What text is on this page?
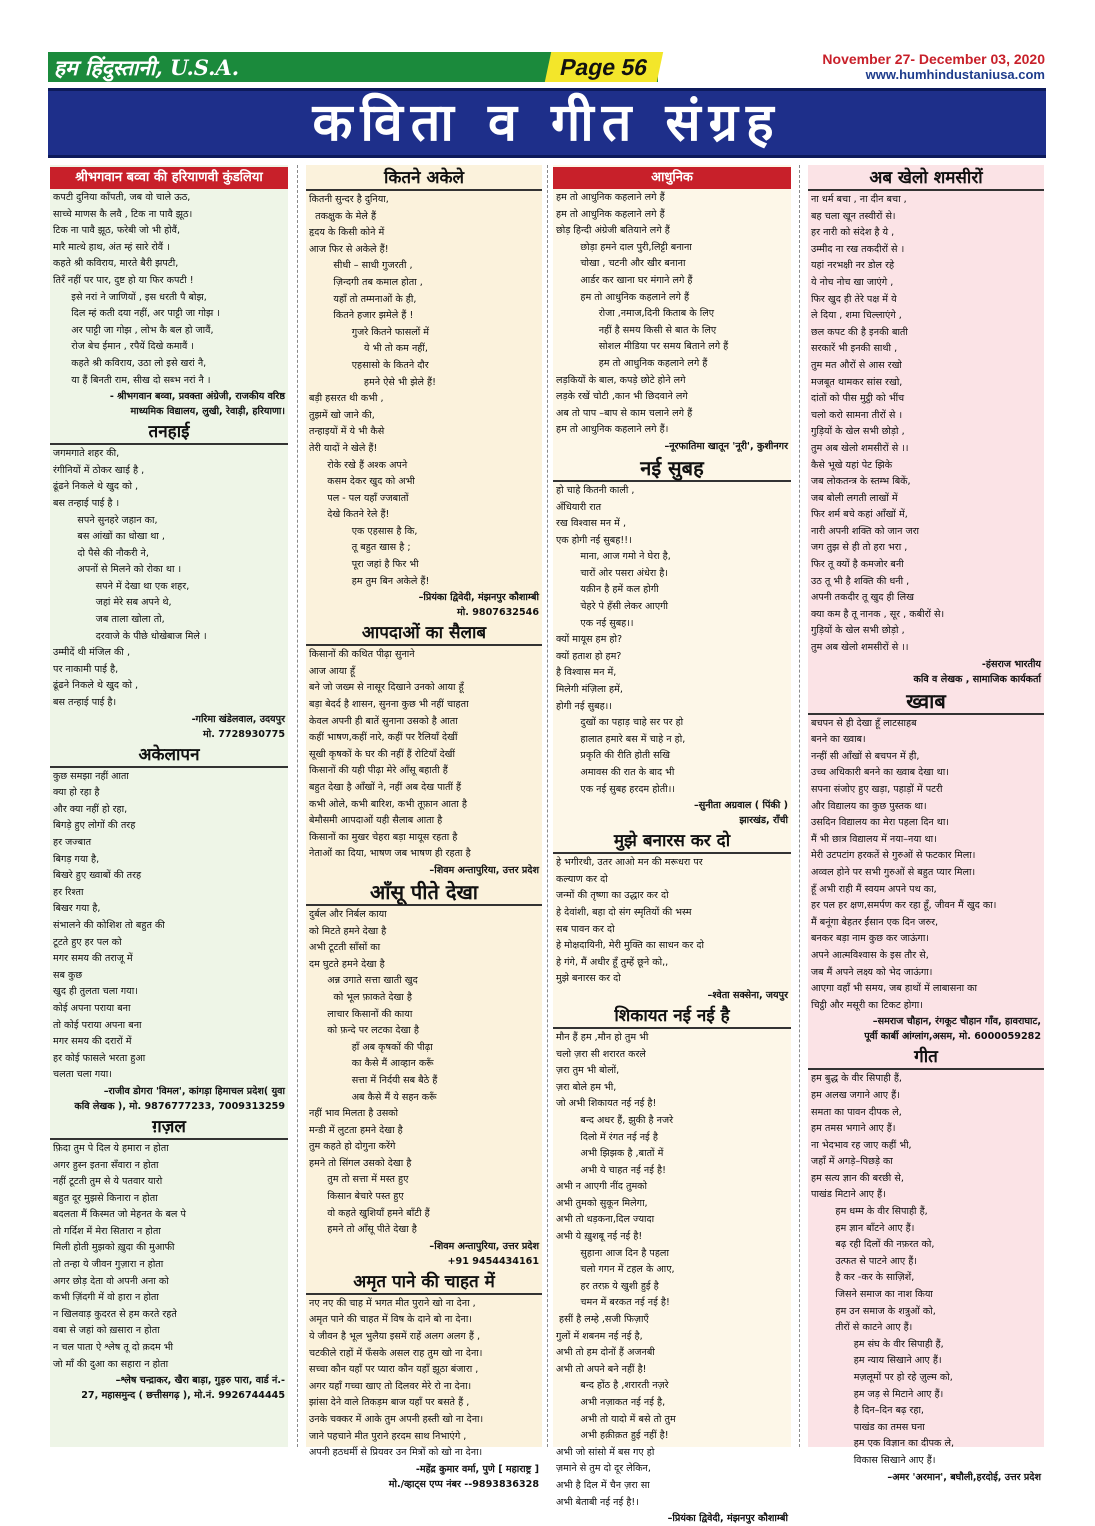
हम हिंदुस्तानी, U.S.A.	Page 56	November 27- December 03, 2020
www.humhindustaniusa.com
कविता व गीत संग्रह
श्रीभगवान बव्वा की हरियाणवी कुंडलिया
कपटी दुनिया काँपती, जब वो चाले ऊठ,
साच्चे माणस कै लवै , टिक ना पावै झूठ।
टिक ना पावै झूठ, फरेबी जो भी होवैं,
मारै मात्थे हाथ, अंत म्हं सारे रोवैं ।
कहते श्री कविराय, मारते बैरी झपटी,
तिरँ नहीं पर पार, दुष्ट हो या फिर कपटी !
इसे नरां ने जाणियों , इस धरती पै बोझ,
दिल म्हं कती दया नहीं, अर पाट्टी जा गोझ ।
अर पाट्टी जा गोझ , लोभ कै बल हो जावैं,
रोज बेच ईमान , रपैयें दिखे कमावैं ।
कहते श्री कविराय, उठा लो इसे खरां नै,
या हैं बिनती राम, सीख दो सब्भ नरां नै ।
- श्रीभगवान बव्वा, प्रवक्ता अंग्रेजी, राजकीय वरिष्ठ
माध्यमिक विद्यालय, लुखी, रेवाड़ी, हरियाणा।
तनहाई
जगमगाते शहर की,
रंगीनियों में ठोकर खाई है ,
ढूंढने निकले थे खुद को ,
बस तन्हाई पाई है ।
सपने सुनहरे जहान का,
बस आंखों का धोखा था ,
दो पैसे की नौकरी ने,
अपनों से मिलने को रोका था ।
सपने में देखा था एक शहर,
जहां मेरे सब अपने थे,
जब ताला खोला तो,
दरवाजे के पीछे धोखेबाज मिले ।
उम्मीदें थी मंजिल की ,
पर नाकामी पाई है,
ढूंढने निकले थे खुद को ,
बस तन्हाई पाई है।
-गरिमा खंडेलवाल, उदयपुर
मो. 7728930775
अकेलापन
कुछ समझा नहीं आता
क्या हो रहा है
और क्या नहीं हो रहा,
बिगड़े हुए लोगों की तरह
हर जज्बात
बिगड़ गया है,
बिखरे हुए ख्वाबों की तरह
हर रिश्ता
बिखर गया है,
संभालने की कोशिश तो बहुत की
टूटते हुए हर पल को
मगर समय की तराजू में
सब कुछ
खुद ही तुलता चला गया।
कोई अपना पराया बना
तो कोई पराया अपना बना
मगर समय की दरारों में
हर कोई फासले भरता हुआ
चलता चला गया।
–राजीव डोगरा 'विमल', कांगड़ा हिमाचल प्रदेश( युवा
कवि लेखक ), मो. 9876777233, 7009313259
ग़ज़ल
फ़िदा तुम पे दिल ये हमारा न होता
अगर हुस्न इतना सँवारा न होता
नहीं टूटती तुम से ये पतवार यारो
बहुत दूर मुझसे किनारा न होता
बदलता मैं किस्मत जो मेहनत के बल पे
तो गर्दिश में मेरा सितारा न होता
मिली होती मुझको ख़ुदा की मुआफी
तो तन्हा ये जीवन गुज़ारा न होता
अगर छोड़ देता वो अपनी अना को
कभी ज़िंदगी में वो हारा न होता
न खिलवाड़ कुदरत से हम करते रहते
वबा से जहां को ख़सारा न होता
न चल पाता ऐ श्लेष तू दो क़दम भी
जो माँ की दुआ का सहारा न होता
–श्लेष चन्द्राकर, खैरा बाड़ा, गुड़रु पारा, वार्ड नं.-
27, महासमुन्द ( छत्तीसगढ़ ), मो.नं. 9926744445
कितने अकेले
कितनी सुन्दर है दुनिया,
तकक्षुक के मेले हैं
हृदय के किसी कोने में
आज फिर से अकेले हैं!
सीधी – साधी गुजरती ,
ज़िन्दगी तब कमाल होता ,
यहाँ तो तम्मनाओं के ही,
कितने हजार झमेले हैं !
गुजरे कितने फासलों में
ये भी तो कम नहीं,
एहसासो के कितने दौर
हमने ऐसे भी झेले हैं!
बड़ी हसरत थी कभी ,
तुझमें खो जाने की,
तन्हाइयों में ये भी कैसे
तेरी यादों ने खेले हैं!
रोके रखे हैं अश्क अपने
कसम देकर खुद को अभी
पल - पल यहाँ ज्जबातों
देखे कितने रेले हैं!
एक एहसास है कि,
तू बहुत खास है ;
पूरा जहां है फिर भी
हम तुम बिन अकेले हैं!
–प्रियंका द्विवेदी, मंझनपुर कौशाम्बी
मो. 9807632546
आपदाओं का सैलाब
किसानों की कथित पीढ़ा सुनाने
आज आया हूँ
बने जो जख्म से नासूर दिखाने उनको आया हूँ
बड़ा बेदर्द है शासन, सुनना कुछ भी नहीं चाहता
केवल अपनी ही बातें सुनाना उसको है आता
कहीं भाषण,कहीं नारे, कहीं पर रैलियाँ देखीं
सूखी कृषकों के घर की नहीं हैं रोटियाँ देखीं
किसानों की यही पीढ़ा मेरे आँसू बहाती हैं
बहुत देखा है आँखों ने, नहीं अब देख पातीं हैं
कभी ओले, कभी बारिश, कभी तूफ़ान आता है
बेमौसमी आपदाओं यही सैलाब आता है
किसानों का मुखर चेहरा बड़ा मायूस रहता है
नेताओं का दिया, भाषण जब भाषण ही रहता है
–शिवम अन्तापुरिया, उत्तर प्रदेश
आँसू पीते देखा
दुर्बल और निर्बल काया
को मिटते हमने देखा है
अभी टूटती साँसों का
दम घुटते हमने देखा है
अन्न उगाते सत्ता खाती खुद
को भूल फ़ाकते देखा है
लाचार किसानों की काया
को फ़न्दे पर लटका देखा है
हाँ अब कृषकों की पीढ़ा
का कैसे मैं आव्हान करूँ
सत्ता में निर्दयी सब बैठे हैं
अब कैसे मैं ये सहन करूँ
नहीं भाव मिलता है उसको
मन्डी में लुटता हमने देखा है
तुम कहते हो दोगुना करेंगे
हमने तो सिंगल उसको देखा है
तुम तो सत्ता में मस्त हुए
किसान बेचारे पस्त हुए
वो कहते खुशियाँ हमने बाँटी हैं
हमने तो आँसू पीते देखा है
–शिवम अन्तापुरिया, उत्तर प्रदेश
+91 9454434161
अमृत पाने की चाहत में
नए नए की चाह में भगत मीत पुराने खो ना देना ,
अमृत पाने की चाहत में विष के दाने बो ना देना।
ये जीवन है भूल भुलैया इसमें राहें अलग अलग हैं ,
चटकीले राहों में फँसके असल राह तुम खो ना देना।
सच्चा कौन यहाँ पर प्यारा कौन यहाँ झूठा बंजारा ,
अगर यहाँ गच्चा खाए तो दिलवर मेरे रो ना देना।
झांसा देने वाले तिकड़म बाज यहाँ पर बसते हैं ,
उनके चक्कर में आके तुम अपनी हस्ती खो ना देना।
जाने पहचाने मीत पुराने हरदम साथ निभाएंगे ,
अपनी हठधर्मी से प्रियवर उन मित्रों को खो ना देना।
-महेंद्र कुमार वर्मा, पुणे [ महाराष्ट्र ]
मो./व्हाट्स एप्प नंबर --9893836328
आधुनिक
हम तो आधुनिक कहलाने लगे हैं
हम तो आधुनिक कहलाने लगे हैं
छोड़ हिन्दी अंग्रेजी बतियाने लगे हैं
छोड़ा हमने दाल पुरी,लिट्टी बनाना
चोखा , चटनी और खीर बनाना
आर्डर कर खाना घर मंगाने लगे हैं
हम तो आधुनिक कहलाने लगे हैं
रोजा ,नमाज,दिनी किताब के लिए
नहीं है समय किसी से बात के लिए
सोशल मीडिया पर समय बिताने लगे हैं
हम तो आधुनिक कहलाने लगे हैं
लड़कियों के बाल, कपड़े छोटे होने लगे
लड़के रखें चोटी ,कान भी छिदवाने लगे
अब तो पाप –बाप से काम चलाने लगे हैं
हम तो आधुनिक कहलाने लगे हैं।
–नूरफातिमा खातून 'नूरी', कुशीनगर
नई सुबह
हो चाहे कितनी काली ,
अँधियारी रात
रख विश्वास मन में ,
एक होगी नई सुबह!!।
माना, आज गमो ने घेरा है,
चारों ओर पसरा अंधेरा है।
यक़ीन है हमें कल होगी
चेहरे पे हँसी लेकर आएगी
एक नई सुबह।।
क्यों मायूस हम हो?
क्यों हताश हो हम?
है विश्वास मन में,
मिलेगी मंज़िला हमें,
होगी नई सुबह।।
दुखों का पहाड़ चाहे सर पर हो
हालात हमारे बस में चाहे न हो,
प्रकृति की रीति होती सखि
अमावस की रात के बाद भी
एक नई सुबह हरदम होती।।
–सुनीता अग्रवाल ( पिंकी )
झारखंड, राँची
मुझे बनारस कर दो
हे भगीरथी, उतर आओ मन की मरूधरा पर
कल्याण कर दो
जन्मों की तृष्णा का उद्धार कर दो
हे देवांशी, बहा दो संग स्मृतियों की भस्म
सब पावन कर दो
हे मोक्षदायिनी, मेरी मुक्ति का साधन कर दो
हे गंगे, मैं अधीर हूँ तुम्हें छूने को,,
मुझे बनारस कर दो
–श्वेता सक्सेना, जयपुर
शिकायत नई नई है
मौन हैं हम ,मौन हो तुम भी
चलो ज़रा सी शरारत करले
ज़रा तुम भी बोलों,
ज़रा बोले हम भी,
जो अभी शिकायत नई नई है!
बन्द अधर हैं, झुकी है नजरे
दिलो में रंगत नई नई है
अभी झिझक है ,बातों में
अभी ये चाहत नई नई है!
अभी न आएगी नींद तुमको
अभी तुमको सुकून मिलेगा,
अभी तो धड़कना,दिल ज्यादा
अभी ये ख़ुशबू नई नई है!
सुहाना आज दिन है पहला
चलो गगन में टहल के आए,
हर तरफ़ ये खुशी हुई है
चमन में बरकत नई नई है!
हसीं है लम्हे ,सजी फिज़ाएँ
गुलों में शबनम नई नई है,
अभी तो हम दोनों हैं अजनबी
अभी तो अपने बने नहीं है!
बन्द होंठ है ,शरारती नज़रे
अभी नज़ाकत नई नई है,
अभी तो यादो में बसे तो तुम
अभी हक़ीक़त हुई नहीं है!
अभी जो सांसो में बस गए हो
ज़माने से तुम दो दूर लेकिन,
अभी है दिल में चैन ज़रा सा
अभी बेताबी नई नई है!।
–प्रियंका द्विवेदी, मंझनपुर कौशाम्बी
अब खेलो शमसीरों
ना धर्म बचा , ना दीन बचा ,
बह चला खून तस्वीरों से।
हर नारी को संदेश है ये ,
उम्मीद ना रख तकदीरों से ।
यहां नरभक्षी नर डोल रहे
ये नोच नोच खा जाएंगे ,
फिर खुद ही तेरे पक्ष में ये
ले दिया , शमा चिल्लाएंगे ,
छल कपट की है इनकी बाती
सरकारें भी इनकी साथी ,
तुम मत औरों से आस रखो
मजबूत थामकर सांस रखो,
दांतों को पीस मुट्ठी को भींच
चलो करो सामना तीरों से ।
गुड़ियों के खेल सभी छोड़ो ,
तुम अब खेलो शमसीरों से ।।
कैसे भूखे यहां पेट झिके
जब लोकतन्त्र के स्तम्भ बिकें,
जब बोली लगती लाखों में
फिर शर्म बचे कहां आँखों में,
नारी अपनी शक्ति को जान जरा
जग तुझ से ही तो हरा भरा ,
फिर तू क्यों है कमजोर बनी
उठ तू भी है शक्ति की धनी ,
अपनी तकदीर तू खुद ही लिख
क्या कम है तू नानक , सूर , कबीरों से।
गुड़ियों के खेल सभी छोड़ो ,
तुम अब खेलो शमसीरों से ।।
-हंसराज भारतीय
कवि व लेखक , सामाजिक कार्यकर्ता
ख्वाब
बचपन से ही देखा हूँ लाटसाहब
बनने का ख्वाब।
नन्हीं सी आँखों से बचपन में ही,
उच्च अधिकारी बनने का ख्वाब देखा था।
सपना संजोए हुए खड़ा, पहाड़ों में पटरी
और विद्यालय का कुछ पुस्तक था।
उसदिन विद्यालय का मेरा पहला दिन था।
मैं भी छात्र विद्यालय में नया–नया था।
मेरी उटपटांग हरकतें से गुरुओं से फटकार मिला।
अव्वल होने पर सभी गुरुओं से बहुत प्यार मिला।
हूँ अभी राही मैं स्वयम अपने पथ का,
हर पल हर क्षण,समर्पण कर रहा हूँ, जीवन मैं खुद का।
मैं बनूंगा बेहतर ईंसान एक दिन जरुर,
बनकर बड़ा नाम कुछ कर जाऊंगा।
अपने आत्मविश्वास के इस तौर से,
जब मैं अपने लक्ष्य को भेद जाऊंगा।
आएगा वहाँ भी समय, जब हाथों में लाबासना का
चिट्ठी और मसूरी का टिकट होगा।
–समराज चौहान, रंगकूट चौहान गाँव, हावराघाट,
पूर्वी कार्बी आंग्लांग,असम, मो. 6000059282
गीत
हम बुद्ध के वीर सिपाही हैं,
हम अलख जगाने आए हैं।
समता का पावन दीपक ले,
हम तमस भगाने आए हैं।
ना भेदभाव रह जाए कहीं भी,
जहाँ में अगड़े–पिछड़े का
हम सत्य ज्ञान की बरछी से,
पाखंड मिटाने आए हैं।
हम धम्म के वीर सिपाही हैं,
हम ज्ञान बाँटने आए हैं।
बढ़ रही दिलों की नफ़रत को,
उत्फत से पाटने आए हैं।
है कर -कर के साज़िशें,
जिसने समाज का नाश किया
हम उन समाज के शत्रुओं को,
तीरों से काटने आए हैं।
हम संघ के वीर सिपाही हैं,
हम न्याय सिखाने आए हैं।
मज़लूमों पर हो रहे ज़ुल्म को,
हम जड़ से मिटाने आए हैं।
है दिन–दिन बढ़ रहा,
पाखंड का तमस घना
हम एक विज्ञान का दीपक ले,
विकास सिखाने आए हैं।
–अमर 'अरमान', बघौली,हरदोई, उत्तर प्रदेश
